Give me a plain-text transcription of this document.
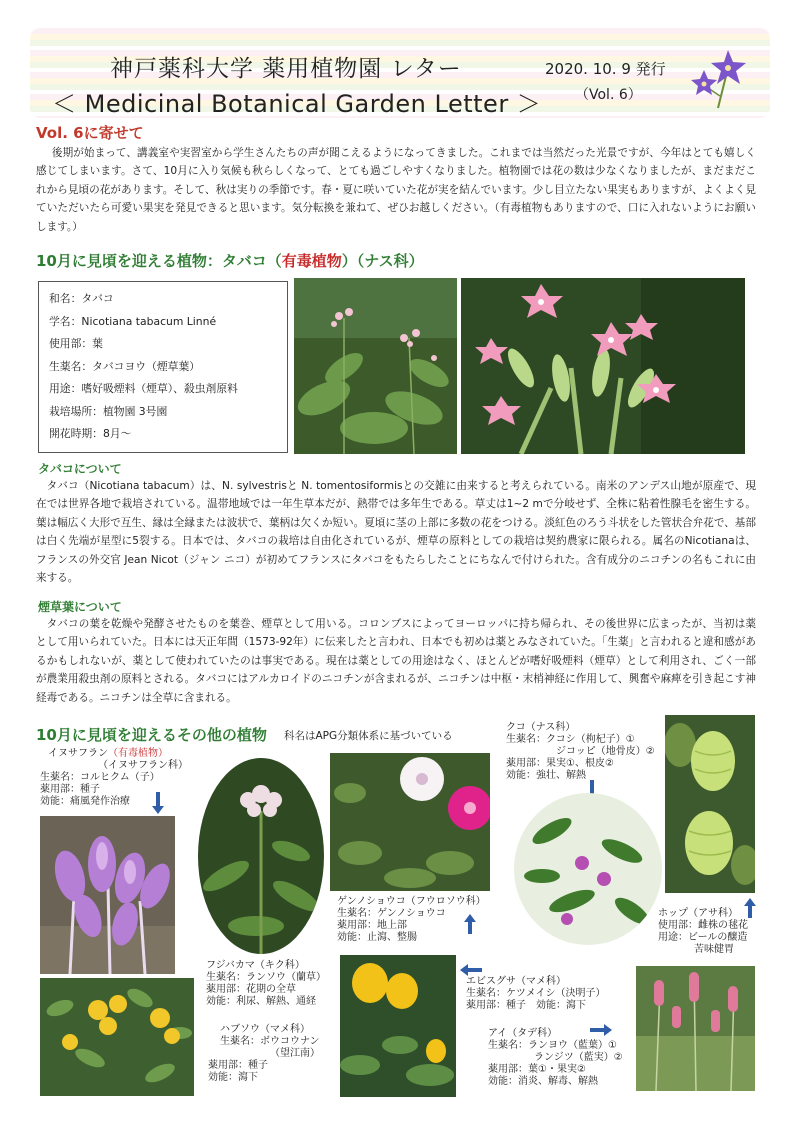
神戸薬科大学 薬用植物園 レター
＜ Medicinal Botanical Garden Letter ＞
2020. 10. 9 発行
（Vol. 6）
Vol. 6に寄せて
後期が始まって、講義室や実習室から学生さんたちの声が聞こえるようになってきました。これまでは当然だった光景ですが、今年はとても嬉しく感じてしまいます。さて、10月に入り気候も秋らしくなって、とても過ごしやすくなりました。植物園では花の数は少なくなりましたが、まだまだこれから見頃の花があります。そして、秋は実りの季節です。春・夏に咲いていた花が実を結んでいます。少し目立たない果実もありますが、よくよく見ていただいたら可愛い果実を発見できると思います。気分転換を兼ねて、ぜひお越しください。（有毒植物もありますので、口に入れないようにお願いします。）
10月に見頃を迎える植物：タバコ（有毒植物）（ナス科）
和名：タバコ
学名：Nicotiana tabacum Linné
使用部：葉
生薬名：タバコヨウ（煙草葉）
用途：嗜好吸煙料（煙草）、殺虫剤原料
栽培場所：植物園 3号園
開花時期：8月～
タバコについて
タバコ（Nicotiana tabacum）は、N. sylvestrisと N. tomentosiformisとの交雑に由来すると考えられている。南米のアンデス山地が原産で、現在では世界各地で栽培されている。温帯地域では一年生草本だが、熱帯では多年生である。草丈は1~2 mで分岐せず、全株に粘着性腺毛を密生する。葉は幅広く大形で互生、縁は全縁または波状で、葉柄は欠くか短い。夏頃に茎の上部に多数の花をつける。淡紅色のろう斗状をした管状合弁花で、基部は白く先端が星型に5裂する。日本では、タバコの栽培は自由化されているが、煙草の原料としての栽培は契約農家に限られる。属名のNicotianaは、フランスの外交官 Jean Nicot（ジャン ニコ）が初めてフランスにタバコをもたらしたことにちなんで付けられた。含有成分のニコチンの名もこれに由来する。
煙草葉について
タバコの葉を乾燥や発酵させたものを葉巻、煙草として用いる。コロンブスによってヨーロッパに持ち帰られ、その後世界に広まったが、当初は薬として用いられていた。日本には天正年間（1573-92年）に伝来したと言われ、日本でも初めは薬とみなされていた。「生薬」と言われると違和感があるかもしれないが、薬として使われていたのは事実である。現在は薬としての用途はなく、ほとんどが嗜好吸煙料（煙草）として利用され、ごく一部が農業用殺虫剤の原料とされる。タバコにはアルカロイドのニコチンが含まれるが、ニコチンは中枢・末梢神経に作用して、興奮や麻痺を引き起こす神経毒である。ニコチンは全草に含まれる。
10月に見頃を迎えるその他の植物 科名はAPG分類体系に基づいている
イヌサフラン（有毒植物）
（イヌサフラン科）
生薬名：コルヒクム（子）
薬用部：種子
効能：痛風発作治療
フジバカマ（キク科）
生薬名：ランソウ（蘭草）
薬用部：花期の全草
効能：利尿、解熱、通経
ハブソウ（マメ科）
生薬名：ボウコウナン
（望江南）
薬用部：種子
効能：瀉下
ゲンノショウコ（フウロソウ科）
生薬名：ゲンノショウコ
薬用部：地上部
効能：止瀉、整腸
エビスグサ（マメ科）
生薬名：ケツメイシ（決明子）
薬用部：種子　効能：瀉下
クコ（ナス科）
生薬名：クコシ（枸杞子）①
ジコッピ（地骨皮）②
薬用部：果実①、根皮②
効能：強壮、解熱
ホップ（アサ科）
使用部：雌株の毬花
用途：ビールの醸造
苦味健胃
アイ（タデ科）
生薬名：ランヨウ（藍葉）①
ランジツ（藍実）②
薬用部：葉①・果実②
効能：消炎、解毒、解熱
